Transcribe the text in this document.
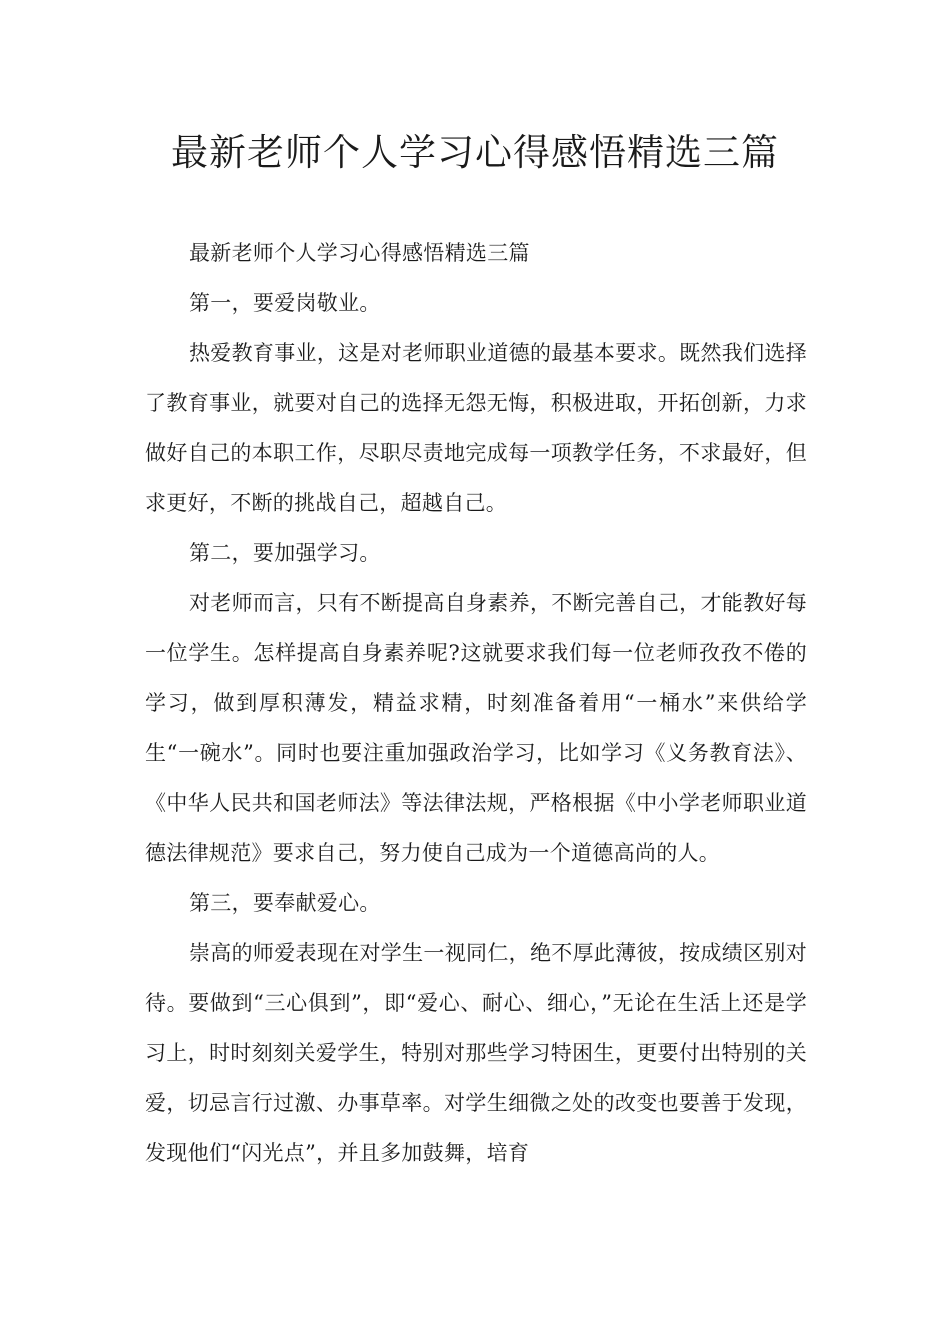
最新老师个人学习心得感悟精选三篇

最新老师个人学习心得感悟精选三篇

第一，要爱岗敬业。

热爱教育事业，这是对老师职业道德的最基本要求。既然我们选择了教育事业，就要对自己的选择无怨无悔，积极进取，开拓创新，力求做好自己的本职工作，尽职尽责地完成每一项教学任务，不求最好，但求更好，不断的挑战自己，超越自己。

第二，要加强学习。

对老师而言，只有不断提高自身素养，不断完善自己，才能教好每一位学生。怎样提高自身素养呢?这就要求我们每一位老师孜孜不倦的学习，做到厚积薄发，精益求精，时刻准备着用“一桶水”来供给学生“一碗水”。同时也要注重加强政治学习，比如学习《义务教育法》、《中华人民共和国老师法》等法律法规，严格根据《中小学老师职业道德法律规范》要求自己，努力使自己成为一个道德高尚的人。

第三，要奉献爱心。

崇高的师爱表现在对学生一视同仁，绝不厚此薄彼，按成绩区别对待。要做到“三心俱到”，即“爱心、耐心、细心，”无论在生活上还是学习上，时时刻刻关爱学生，特别对那些学习特困生，更要付出特别的关爱，切忌言行过激、办事草率。对学生细微之处的改变也要善于发现，发现他们“闪光点”，并且多加鼓舞，培育
